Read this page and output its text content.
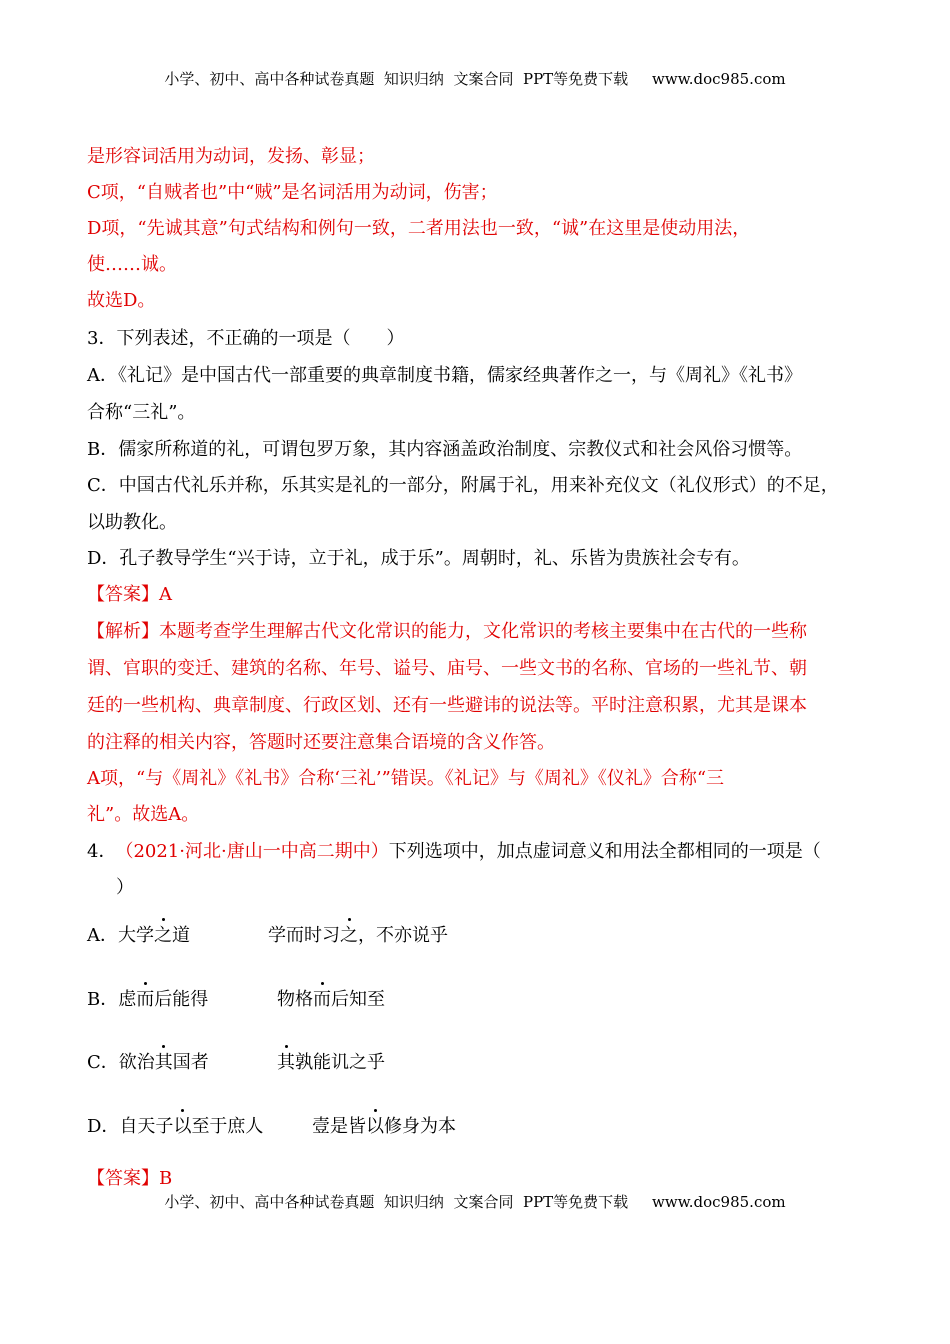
小学、初中、高中各种试卷真题  知识归纳  文案合同  PPT等免费下载     www.doc985.com
是形容词活用为动词，发扬、彰显；
C项，“自贼者也”中“贼”是名词活用为动词，伤害；
D项，“先诚其意”句式结构和例句一致，二者用法也一致，“诚”在这里是使动用法，
使……诚。
故选D。
3．下列表述，不正确的一项是（　　）
A．《礼记》是中国古代一部重要的典章制度书籍，儒家经典著作之一，与《周礼》《礼书》
合称“三礼”。
B．儒家所称道的礼，可谓包罗万象，其内容涵盖政治制度、宗教仪式和社会风俗习惯等。
C．中国古代礼乐并称，乐其实是礼的一部分，附属于礼，用来补充仪文（礼仪形式）的不足，
以助教化。
D．孔子教导学生“兴于诗，立于礼，成于乐”。周朝时，礼、乐皆为贵族社会专有。
【答案】A
【解析】本题考查学生理解古代文化常识的能力，文化常识的考核主要集中在古代的一些称
谓、官职的变迁、建筑的名称、年号、谥号、庙号、一些文书的名称、官场的一些礼节、朝
廷的一些机构、典章制度、行政区划、还有一些避讳的说法等。平时注意积累，尤其是课本
的注释的相关内容，答题时还要注意集合语境的含义作答。
A项，“与《周礼》《礼书》合称‘三礼’”错误。《礼记》与《周礼》《仪礼》合称“三
礼”。故选A。
4． （2021·河北·唐山一中高二期中）下列选项中，加点虚词意义和用法全都相同的一项是（
）
A．大学之道	学而时习之，不亦说乎
B．虑而后能得	物格而后知至
C．欲治其国者	其孰能讥之乎
D．自天子以至于庶人	壹是皆以修身为本
【答案】B
小学、初中、高中各种试卷真题  知识归纳  文案合同  PPT等免费下载     www.doc985.com
